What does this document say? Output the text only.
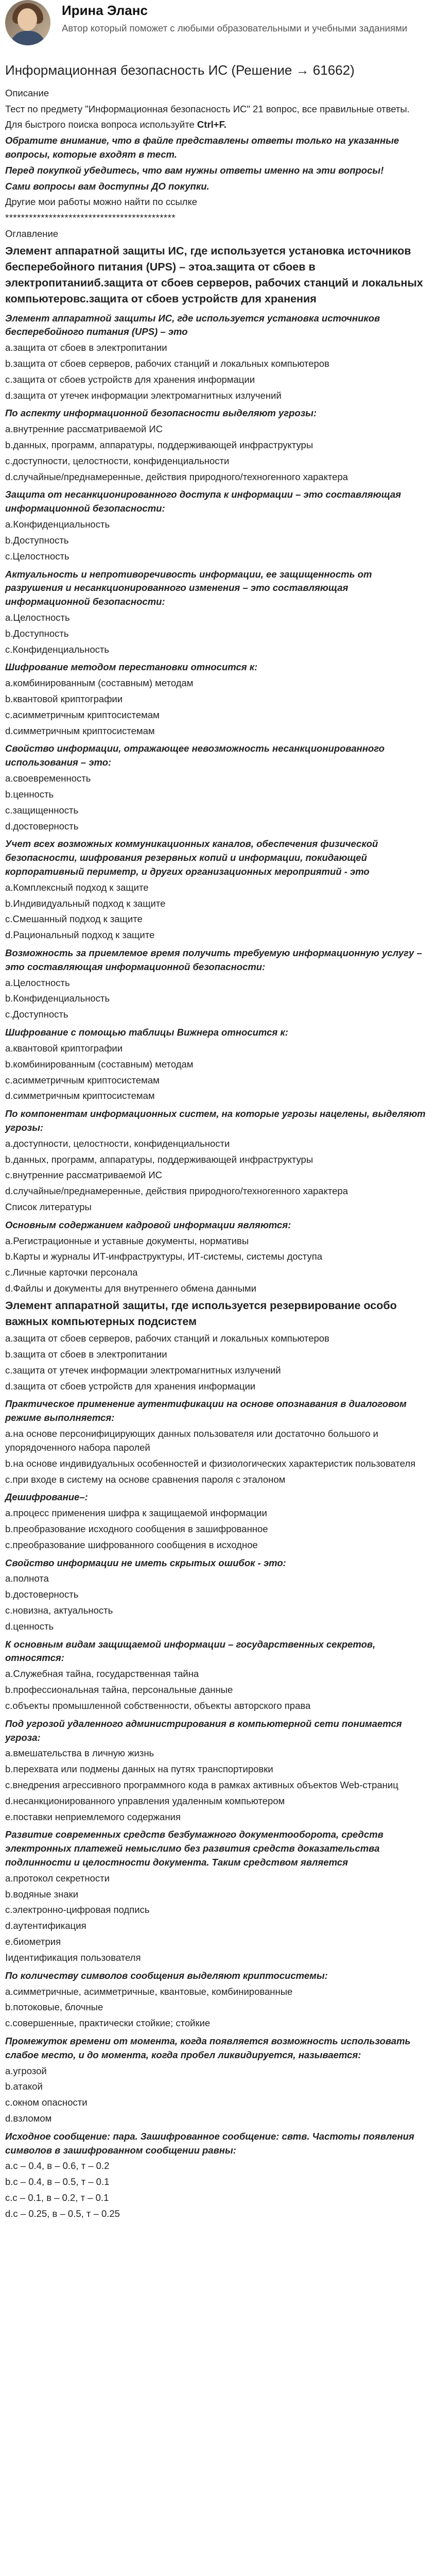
Ирина Эланс
Автор который поможет с любыми образовательными и учебными заданиями
Информационная безопасность ИС (Решение → 61662)
Описание
Тест по предмету "Информационная безопасность ИС" 21 вопрос, все правильные ответы.
Для быстрого поиска вопроса используйте Ctrl+F.
Обратите внимание, что в файле представлены ответы только на указанные вопросы, которые входят в тест.
Перед покупкой убедитесь, что вам нужны ответы именно на эти вопросы!
Сами вопросы вам доступны ДО покупки.
Другие мои работы можно найти по ссылке
*******************************************
Оглавление
Элемент аппаратной защиты ИС, где используется установка источников бесперебойного питания (UPS) – этоа.защита от сбоев в электропитанииб.защита от сбоев серверов, рабочих станций и локальных компьютеровс.защита от сбоев устройств для хранения
Элемент аппаратной защиты ИС, где используется установка источников бесперебойного питания (UPS) – это
a.защита от сбоев в электропитании
b.защита от сбоев серверов, рабочих станций и локальных компьютеров
c.защита от сбоев устройств для хранения информации
d.защита от утечек информации электромагнитных излучений
По аспекту информационной безопасности выделяют угрозы:
a.внутренние рассматриваемой ИС
b.данных, программ, аппаратуры, поддерживающей инфраструктуры
c.доступности, целостности, конфиденциальности
d.случайные/преднамеренные, действия природного/техногенного характера
Защита от несанкционированного доступа к информации – это составляющая информационной безопасности:
a.Конфиденциальность
b.Доступность
c.Целостность
Актуальность и непротиворечивость информации, ее защищенность от разрушения и несанкционированного изменения – это составляющая информационной безопасности:
a.Целостность
b.Доступность
c.Конфиденциальность
Шифрование методом перестановки относится к:
a.комбинированным (составным) методам
b.квантовой криптографии
c.асимметричным криптосистемам
d.симметричным криптосистемам
Свойство информации, отражающее невозможность несанкционированного использования – это:
a.своевременность
b.ценность
c.защищенность
d.достоверность
Учет всех возможных коммуникационных каналов, обеспечения физической безопасности, шифрования резервных копий и информации, покидающей корпоративный периметр, и других организационных мероприятий - это
a.Комплексный подход к защите
b.Индивидуальный подход к защите
c.Смешанный подход к защите
d.Рациональный подход к защите
Возможность за приемлемое время получить требуемую информационную услугу – это составляющая информационной безопасности:
a.Целостность
b.Конфиденциальность
c.Доступность
Шифрование с помощью таблицы Вижнера относится к:
a.квантовой криптографии
b.комбинированным (составным) методам
c.асимметричным криптосистемам
d.симметричным криптосистемам
По компонентам информационных систем, на которые угрозы нацелены, выделяют угрозы:
a.доступности, целостности, конфиденциальности
b.данных, программ, аппаратуры, поддерживающей инфраструктуры
c.внутренние рассматриваемой ИС
d.случайные/преднамеренные, действия природного/техногенного характера
Список литературы
Основным содержанием кадровой информации являются:
a.Регистрационные и уставные документы, нормативы
b.Карты и журналы ИТ-инфраструктуры, ИТ-системы, системы доступа
c.Личные карточки персонала
d.Файлы и документы для внутреннего обмена данными
Элемент аппаратной защиты, где используется резервирование особо важных компьютерных подсистем
a.защита от сбоев серверов, рабочих станций и локальных компьютеров
b.защита от сбоев в электропитании
c.защита от утечек информации электромагнитных излучений
d.защита от сбоев устройств для хранения информации
Практическое применение аутентификации на основе опознавания в диалоговом режиме выполняется:
a.на основе персонифицирующих данных пользователя или достаточно большого и упорядоченного набора паролей
b.на основе индивидуальных особенностей и физиологических характеристик пользователя
c.при входе в систему на основе сравнения пароля с эталоном
Дешифрование–:
a.процесс применения шифра к защищаемой информации
b.преобразование исходного сообщения в зашифрованное
c.преобразование шифрованного сообщения в исходное
Свойство информации не иметь скрытых ошибок - это:
a.полнота
b.достоверность
c.новизна, актуальность
d.ценность
К основным видам защищаемой информации – государственных секретов, относятся:
a.Служебная тайна, государственная тайна
b.профессиональная тайна, персональные данные
c.объекты промышленной собственности, объекты авторского права
Под угрозой удаленного администрирования в компьютерной сети понимается угроза:
a.вмешательства в личную жизнь
b.перехвата или подмены данных на путях транспортировки
c.внедрения агрессивного программного кода в рамках активных объектов Web-страниц
d.несанкционированного управления удаленным компьютером
e.поставки неприемлемого содержания
Развитие современных средств безбумажного документооборота, средств электронных платежей немыслимо без развития средств доказательства подлинности и целостности документа. Таким средством является
a.протокол секретности
b.водяные знаки
c.электронно-цифровая подпись
d.аутентификация
e.биометрия
Ⅰидентификация пользователя
По количеству символов сообщения выделяют криптосистемы:
a.симметричные, асимметричные, квантовые, комбинированные
b.потоковые, блочные
c.совершенные, практически стойкие; стойкие
Промежуток времени от момента, когда появляется возможность использовать слабое место, и до момента, когда пробел ликвидируется, называется:
a.угрозой
b.атакой
c.окном опасности
d.взломом
Исходное сообщение: пара. Зашифрованное сообщение: свтв. Частоты появления символов в зашифрованном сообщении равны:
a.с – 0.4, в – 0.6, т – 0.2
b.с – 0.4, в – 0.5, т – 0.1
c.с – 0.1, в – 0.2, т – 0.1
d.с – 0.25, в – 0.5, т – 0.25
